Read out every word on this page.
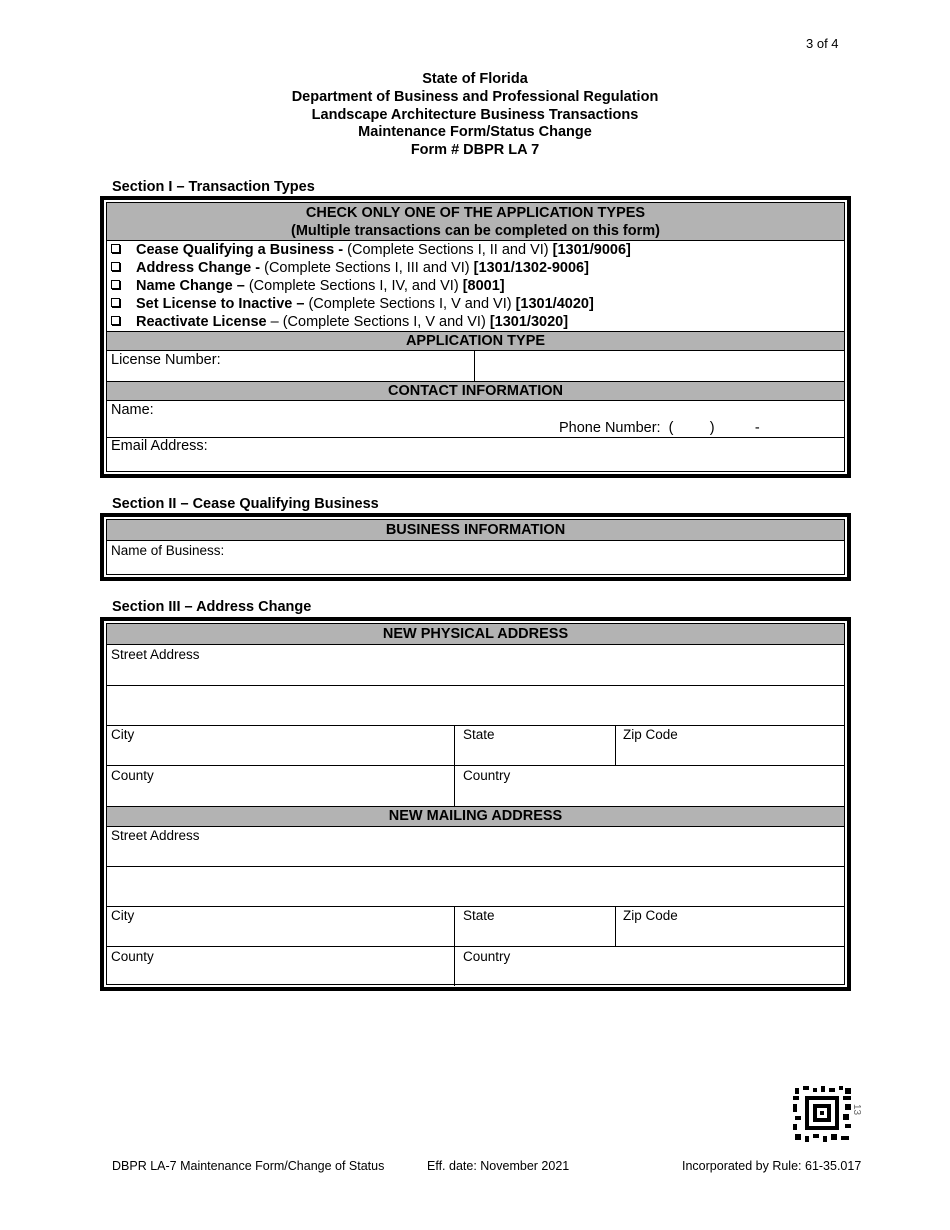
3 of 4
State of Florida
Department of Business and Professional Regulation
Landscape Architecture Business Transactions
Maintenance Form/Status Change
Form # DBPR LA 7
Section I – Transaction Types
CHECK ONLY ONE OF THE APPLICATION TYPES
(Multiple transactions can be completed on this form)
Cease Qualifying a Business - (Complete Sections I, II and VI) [1301/9006]
Address Change - (Complete Sections I, III and VI) [1301/1302-9006]
Name Change – (Complete Sections I, IV, and VI) [8001]
Set License to Inactive – (Complete Sections I, V and VI) [1301/4020]
Reactivate License – (Complete Sections I, V and VI) [1301/3020]
APPLICATION TYPE
License Number:
CONTACT INFORMATION
Name:
Phone Number:  (         )          -
Email Address:
Section II – Cease Qualifying Business
BUSINESS INFORMATION
Name of Business:
Section III – Address Change
NEW PHYSICAL ADDRESS
Street Address
City	State	Zip Code
County	Country
NEW MAILING ADDRESS
Street Address
City	State	Zip Code
County	Country
13
DBPR LA-7 Maintenance Form/Change of Status	Eff. date: November 2021	Incorporated by Rule: 61-35.017
